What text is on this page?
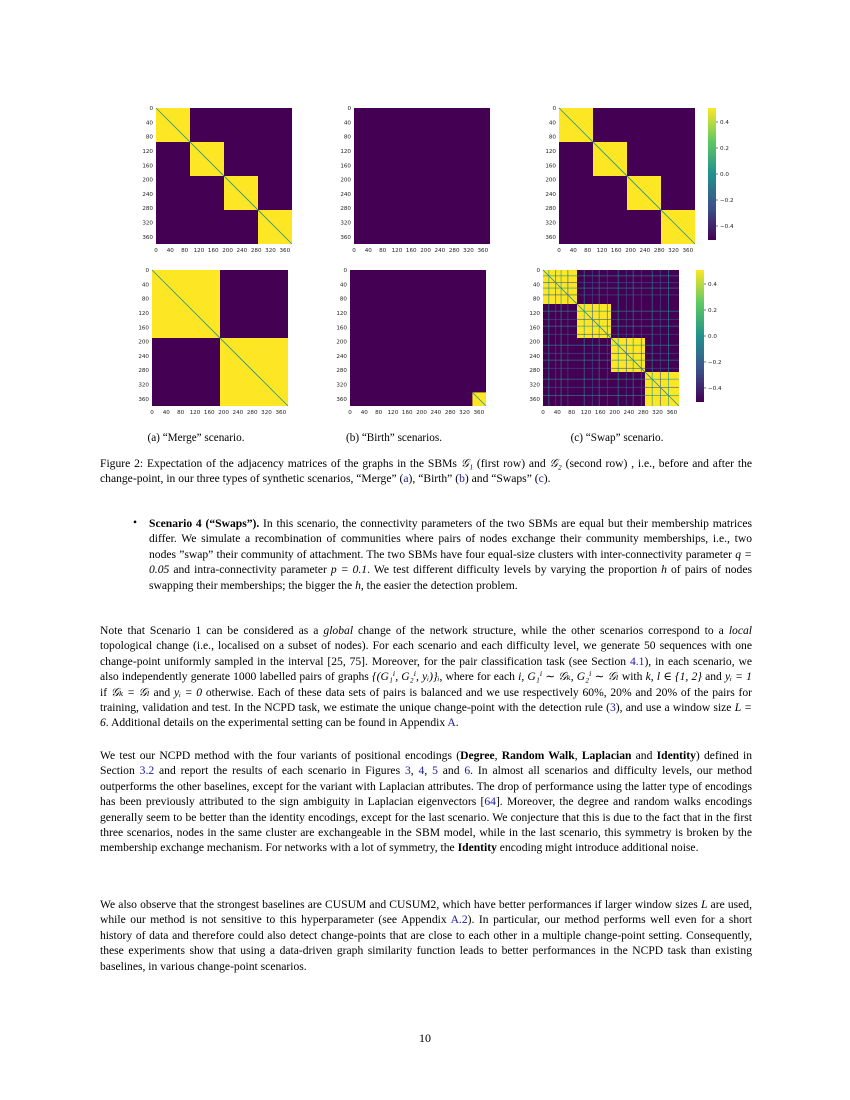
0
0
40
40
80
80
120
120
160
160
200
200
240
240
280
280
320
320
360
360
0
0
40
40
80
80
120
120
160
160
200
200
240
240
280
280
320
320
360
360
0
0
40
40
80
80
120
120
160
160
200
200
240
240
280
280
320
320
360
360
0.4
0.2
0.0
−0.2
−0.4
0
0
40
40
80
80
120
120
160
160
200
200
240
240
280
280
320
320
360
360
0
0
40
40
80
80
120
120
160
160
200
200
240
240
280
280
320
320
360
360
0
0
40
40
80
80
120
120
160
160
200
200
240
240
280
280
320
320
360
360
0.4
0.2
0.0
−0.2
−0.4
(a) “Merge” scenario.	(b) “Birth” scenarios.	(c) “Swap” scenario.
Figure 2: Expectation of the adjacency matrices of the graphs in the SBMs 𝒢₁ (first row) and 𝒢₂ (second row) , i.e., before and after the change-point, in our three types of synthetic scenarios, “Merge” (a), “Birth” (b) and “Swaps” (c).
• Scenario 4 (“Swaps”). In this scenario, the connectivity parameters of the two SBMs are equal but their membership matrices differ. We simulate a recombination of communities where pairs of nodes exchange their community memberships, i.e., two nodes ”swap” their community of attachment. The two SBMs have four equal-size clusters with inter-connectivity parameter q = 0.05 and intra-connectivity parameter p = 0.1. We test different difficulty levels by varying the proportion h of pairs of nodes swapping their memberships; the bigger the h, the easier the detection problem.
Note that Scenario 1 can be considered as a global change of the network structure, while the other scenarios correspond to a local topological change (i.e., localised on a subset of nodes). For each scenario and each difficulty level, we generate 50 sequences with one change-point uniformly sampled in the interval [25, 75]. Moreover, for the pair classification task (see Section 4.1), in each scenario, we also independently generate 1000 labelled pairs of graphs {(G₁ⁱ, G₂ⁱ, yᵢ)}ᵢ, where for each i, G₁ⁱ ∼ 𝒢ₖ, G₂ⁱ ∼ 𝒢ₗ with k, l ∈ {1, 2} and yᵢ = 1 if 𝒢ₖ = 𝒢ₗ and yᵢ = 0 otherwise. Each of these data sets of pairs is balanced and we use respectively 60%, 20% and 20% of the pairs for training, validation and test. In the NCPD task, we estimate the unique change-point with the detection rule (3), and use a window size L = 6. Additional details on the experimental setting can be found in Appendix A.
We test our NCPD method with the four variants of positional encodings (Degree, Random Walk, Laplacian and Identity) defined in Section 3.2 and report the results of each scenario in Figures 3, 4, 5 and 6. In almost all scenarios and difficulty levels, our method outperforms the other baselines, except for the variant with Laplacian attributes. The drop of performance using the latter type of encodings has been previously attributed to the sign ambiguity in Laplacian eigenvectors [64]. Moreover, the degree and random walks encodings generally seem to be better than the identity encodings, except for the last scenario. We conjecture that this is due to the fact that in the first three scenarios, nodes in the same cluster are exchangeable in the SBM model, while in the last scenario, this symmetry is broken by the membership exchange mechanism. For networks with a lot of symmetry, the Identity encoding might introduce additional noise.
We also observe that the strongest baselines are CUSUM and CUSUM2, which have better performances if larger window sizes L are used, while our method is not sensitive to this hyperparameter (see Appendix A.2). In particular, our method performs well even for a short history of data and therefore could also detect change-points that are close to each other in a multiple change-point setting. Consequently, these experiments show that using a data-driven graph similarity function leads to better performances in the NCPD task than existing baselines, in various change-point scenarios.
10
